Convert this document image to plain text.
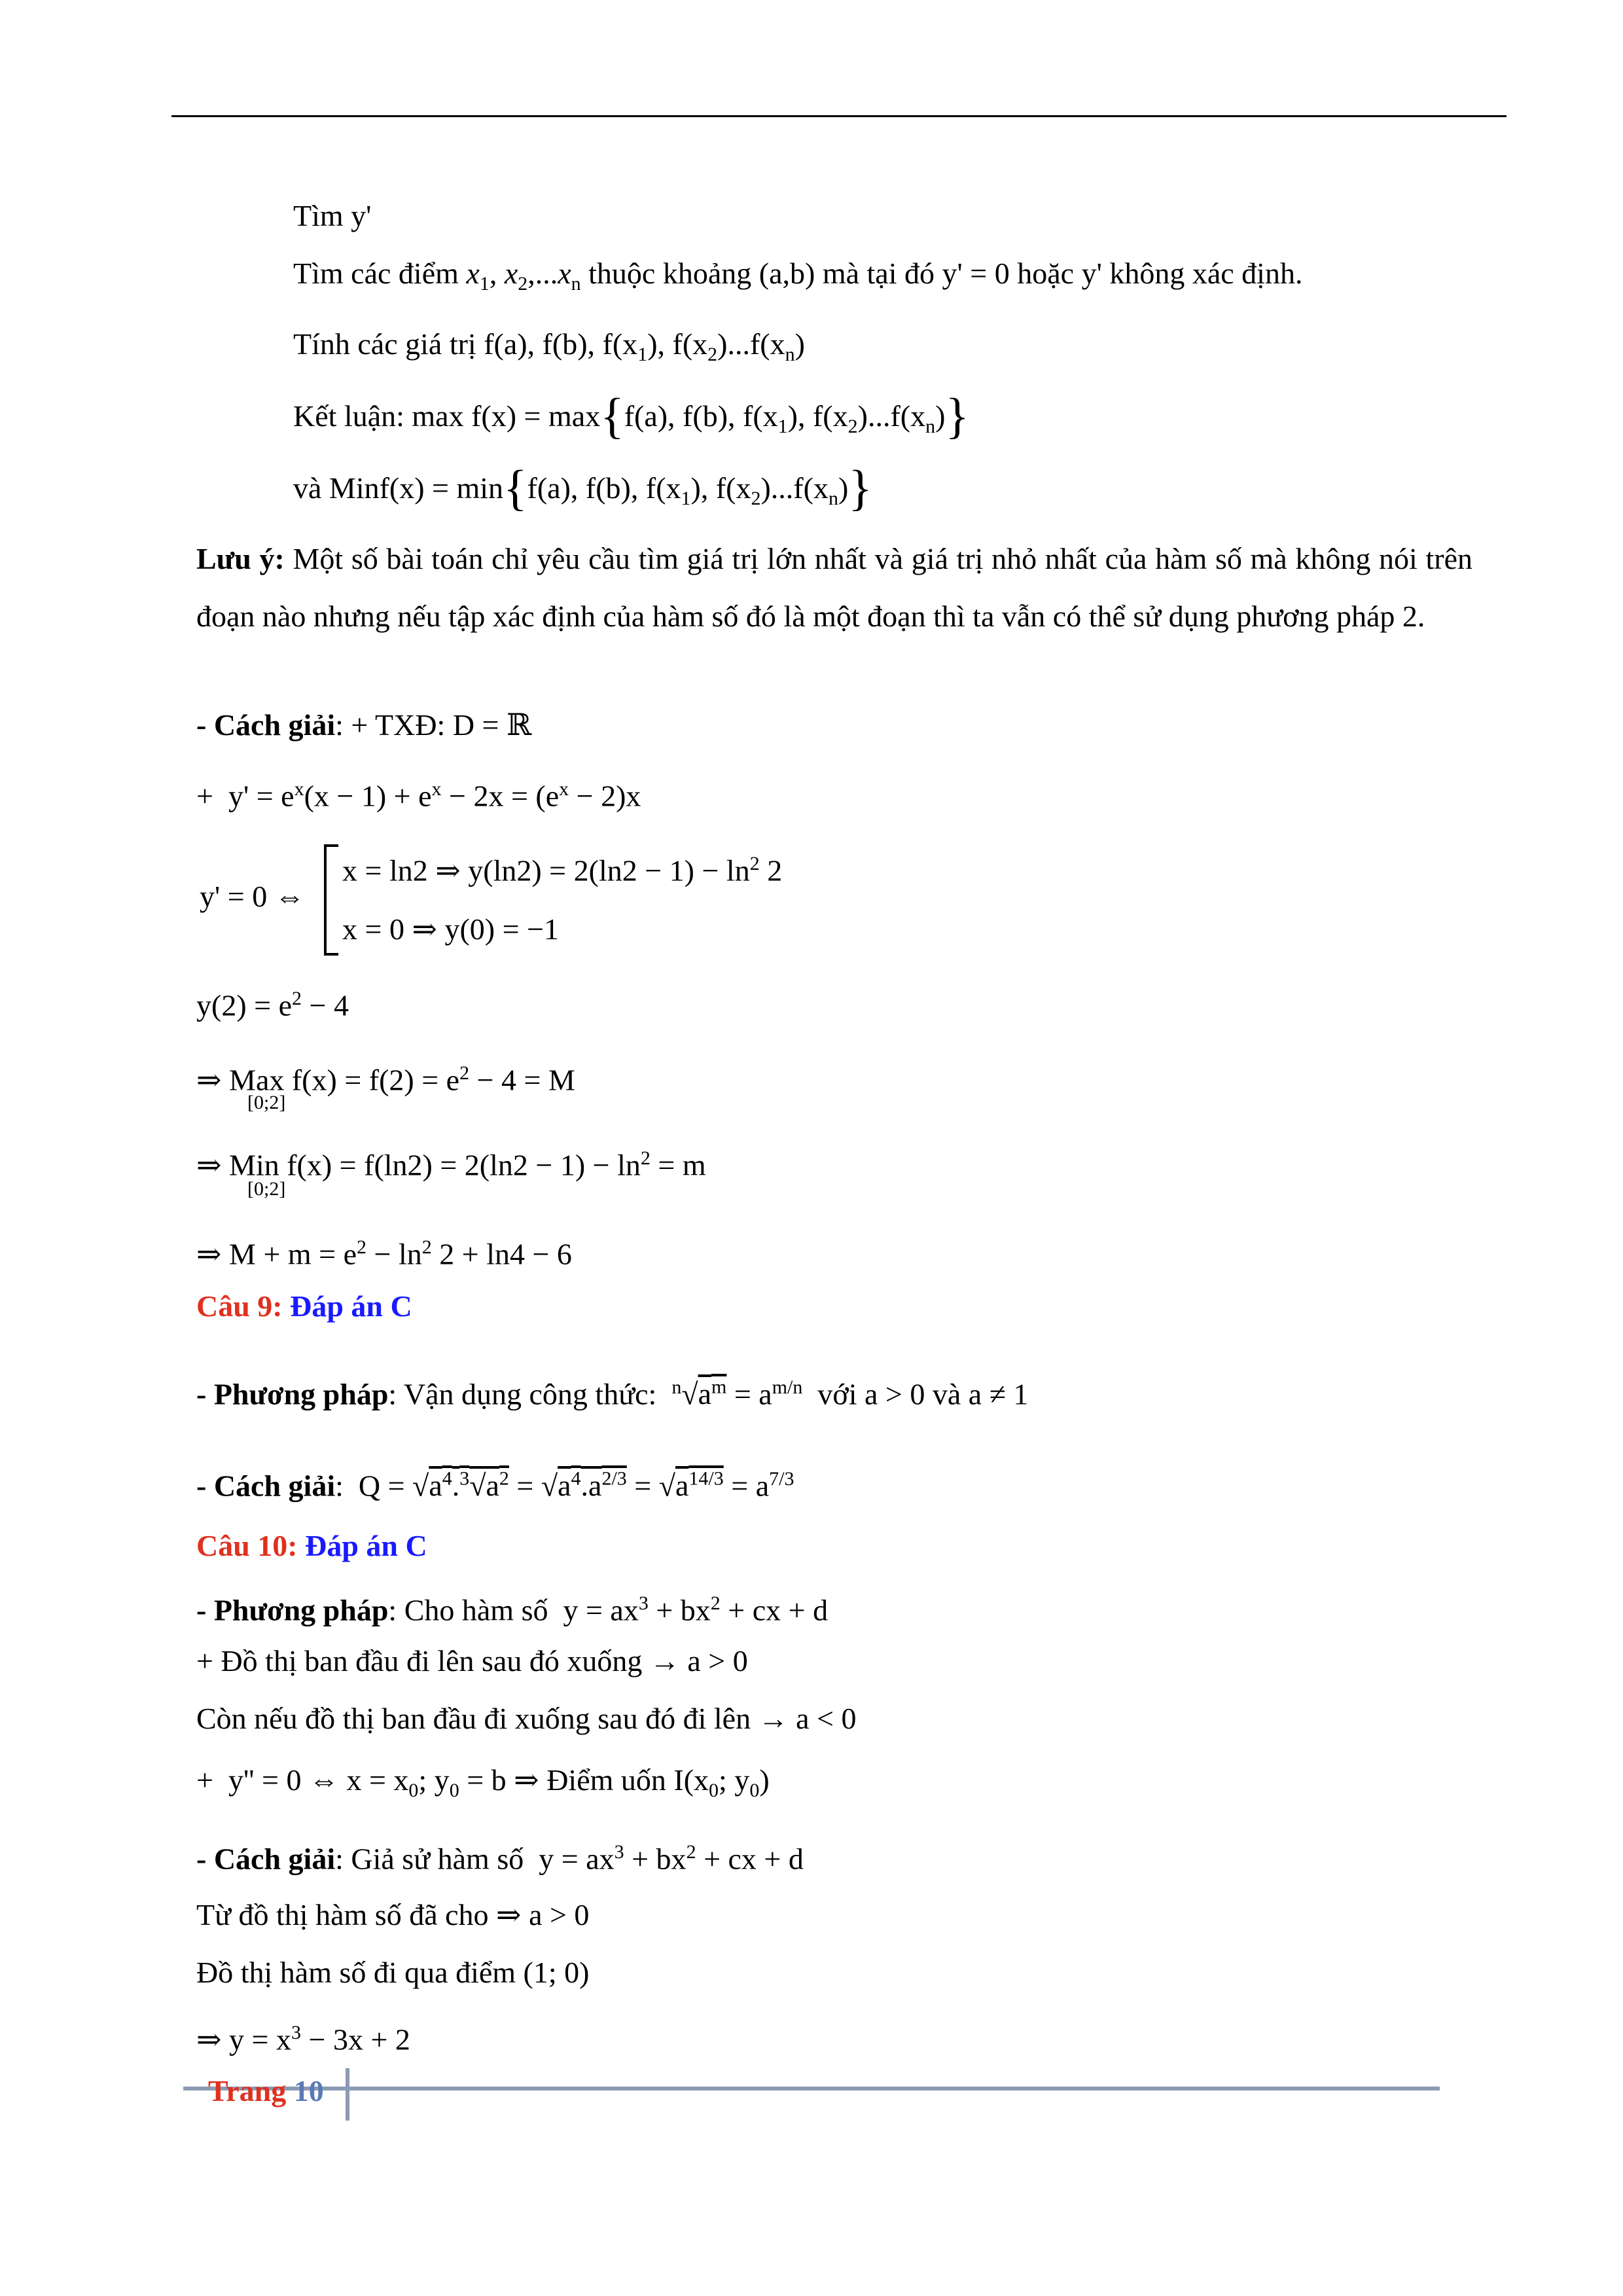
Tìm y'
Tìm các điểm $x_1$, $x_2,...x_n$ thuộc khoảng (a,b) mà tại đó y' = 0 hoặc y' không xác định.
Tính các giá trị f(a), f(b), $f(x_1)$, $f(x_2)...f(x_n)$
Kết luận: max f(x) = max{f(a), f(b), $f(x_1)$, $f(x_2)...f(x_n)$}
và Minf(x) = min{f(a), f(b), $f(x_1)$, $f(x_2)...f(x_n)$}
Lưu ý: Một số bài toán chỉ yêu cầu tìm giá trị lớn nhất và giá trị nhỏ nhất của hàm số mà không nói trên đoạn nào nhưng nếu tập xác định của hàm số đó là một đoạn thì ta vẫn có thể sử dụng phương pháp 2.
- Cách giải: + TXĐ: D = ℝ
+  $y' = e^x(x - 1) + e^x - 2x = (e^x - 2)x$
y' = 0 ⇔
x = ln2 ⇒ $y(\ln 2) = 2(\ln 2 - 1) - \ln^2 2$
x = 0 ⇒ y(0) = −1
$y(2) = e^2 - 4$
⇒ Max $f(x) = f(2) = e^2 - 4 = M$
[0;2]
⇒ Min $f(x) = f(\ln 2) = 2(\ln 2 - 1) - \ln^2 = m$
[0;2]
⇒ $M + m = e^2 - \ln^2 2 + \ln 4 - 6$
Câu 9: Đáp án C
- Phương pháp: Vận dụng công thức: $^n√a^m = a^{m/n}$ với a > 0 và a ≠ 1
- Cách giải:  $Q = √a^4.^3√a^2 = √a^4.a^{2/3} = √a^{14/3} = a^{7/3}$
Câu 10: Đáp án C
- Phương pháp: Cho hàm số  $y = ax^3 + bx^2$ + cx + d
+ Đồ thị ban đầu đi lên sau đó xuống → a > 0
Còn nếu đồ thị ban đầu đi xuống sau đó đi lên → a < 0
+  y'' = 0 ⇔ $x = x_0$; $y_0 = b$ ⇒ Điểm uốn $I(x_0$; $y_0$)
- Cách giải: Giả sử hàm số  $y = ax^3 + bx^2$ + cx + d
Từ đồ thị hàm số đã cho ⇒ a > 0
Đồ thị hàm số đi qua điểm (1; 0)
⇒ $y = x^3 - 3x + 2$
Trang 10
